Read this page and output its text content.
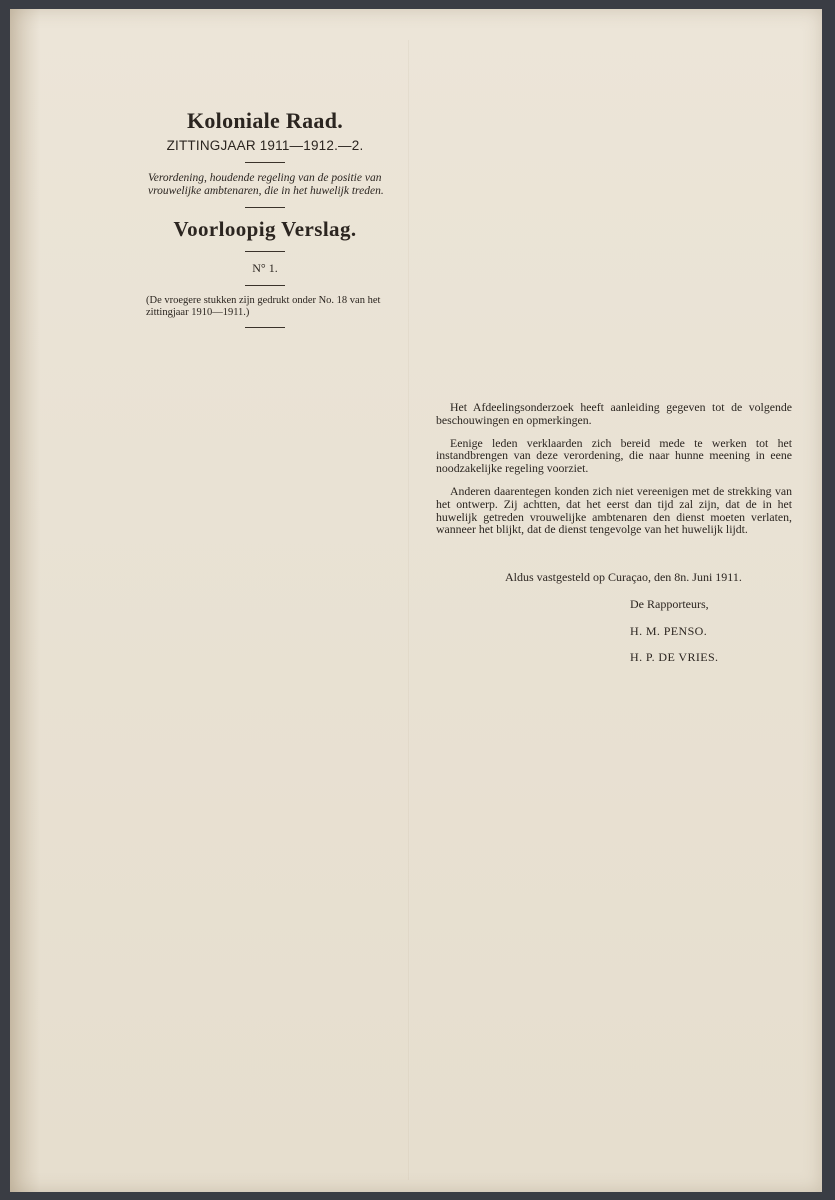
Koloniale Raad.
ZITTINGJAAR 1911—1912.—2.
Verordening, houdende regeling van de positie van vrouwelijke ambtenaren, die in het huwelijk treden.
Voorloopig Verslag.
N° 1.
(De vroegere stukken zijn gedrukt onder No. 18 van het zittingjaar 1910—1911.)

Het Afdeelingsonderzoek heeft aanleiding gegeven tot de volgende beschouwingen en opmerkingen.

Eenige leden verklaarden zich bereid mede te werken tot het instandbrengen van deze verordening, die naar hunne meening in eene noodzakelijke regeling voorziet.

Anderen daarentegen konden zich niet vereenigen met de strekking van het ontwerp. Zij achtten, dat het eerst dan tijd zal zijn, dat de in het huwelijk getreden vrouwelijke ambtenaren den dienst moeten verlaten, wanneer het blijkt, dat de dienst tengevolge van het huwelijk lijdt.

Aldus vastgesteld op Curaçao, den 8n. Juni 1911.
De Rapporteurs,
H. M. PENSO.
H. P. DE VRIES.
